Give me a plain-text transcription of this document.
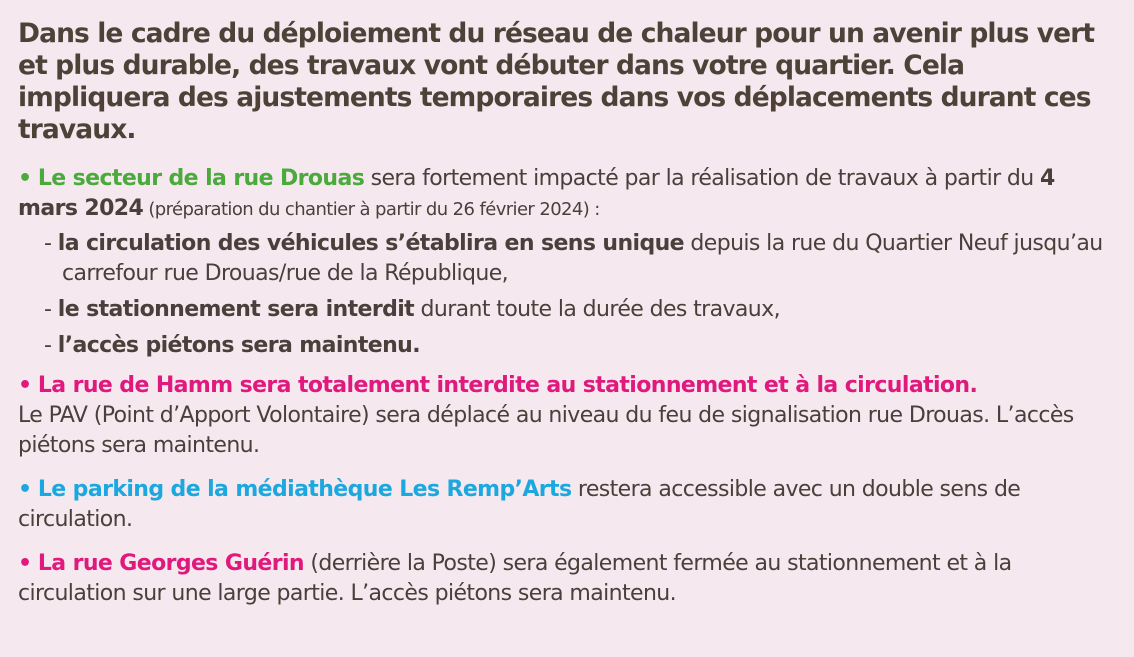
Dans le cadre du déploiement du réseau de chaleur pour un avenir plus vert et plus durable, des travaux vont débuter dans votre quartier. Cela impliquera des ajustements temporaires dans vos déplacements durant ces travaux.

• Le secteur de la rue Drouas sera fortement impacté par la réalisation de travaux à partir du 4 mars 2024 (préparation du chantier à partir du 26 février 2024) :

- la circulation des véhicules s’établira en sens unique depuis la rue du Quartier Neuf jusqu’au carrefour rue Drouas/rue de la République,
- le stationnement sera interdit durant toute la durée des travaux,
- l’accès piétons sera maintenu.

• La rue de Hamm sera totalement interdite au stationnement et à la circulation.
Le PAV (Point d’Apport Volontaire) sera déplacé au niveau du feu de signalisation rue Drouas. L’accès piétons sera maintenu.

• Le parking de la médiathèque Les Remp’Arts restera accessible avec un double sens de circulation.

• La rue Georges Guérin (derrière la Poste) sera également fermée au stationnement et à la circulation sur une large partie. L’accès piétons sera maintenu.
